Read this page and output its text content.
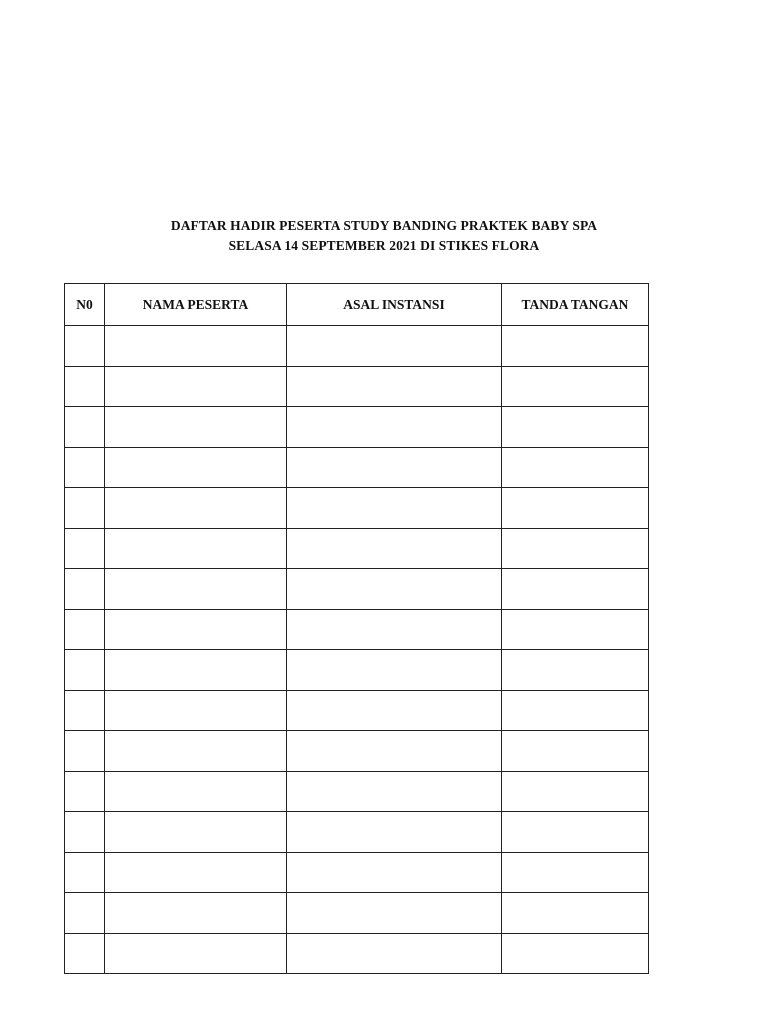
DAFTAR HADIR PESERTA STUDY BANDING PRAKTEK BABY SPA
SELASA 14 SEPTEMBER 2021 DI STIKES FLORA
N0	NAMA PESERTA	ASAL INSTANSI	TANDA TANGAN
